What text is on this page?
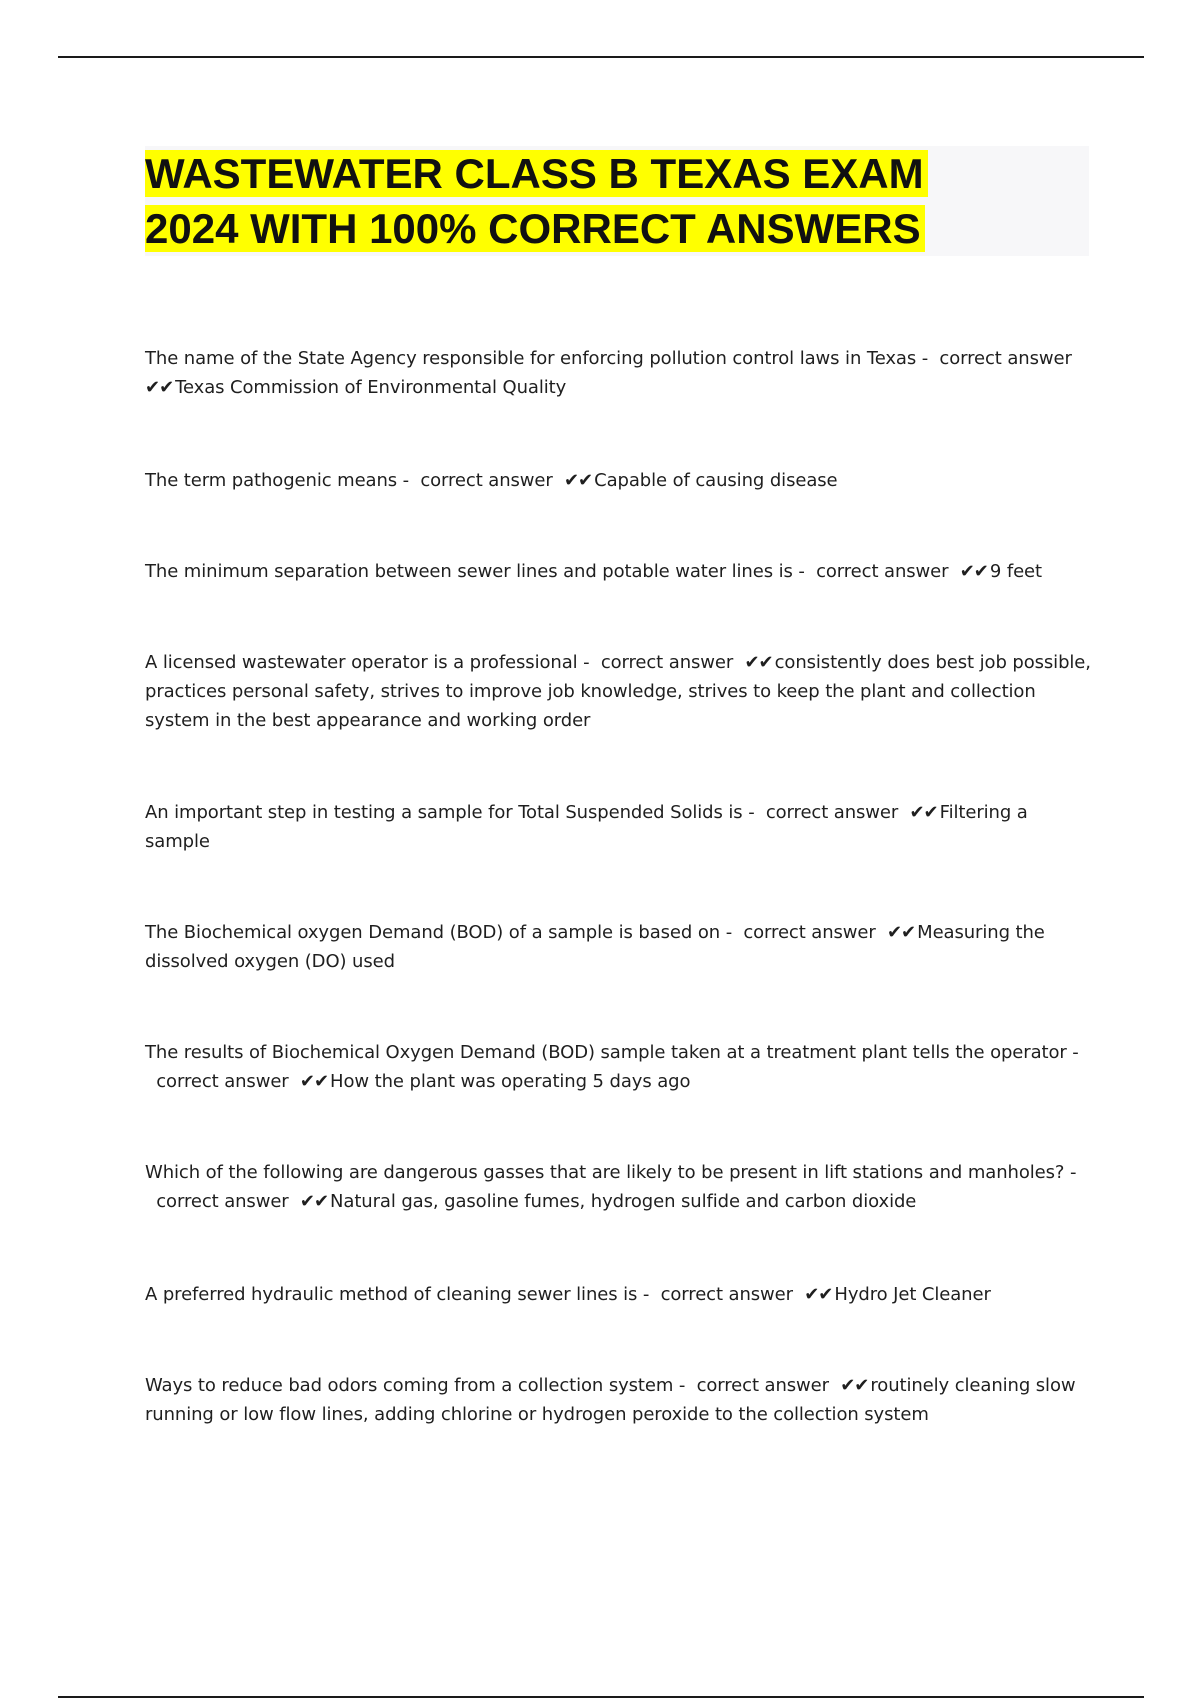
WASTEWATER CLASS B TEXAS EXAM
2024 WITH 100% CORRECT ANSWERS

The name of the State Agency responsible for enforcing pollution control laws in Texas - correct answer  ✔✔ Texas Commission of Environmental Quality

The term pathogenic means - correct answer ✔✔ Capable of causing disease

The minimum separation between sewer lines and potable water lines is - correct answer ✔✔ 9 feet

A licensed wastewater operator is a professional - correct answer ✔✔ consistently does best job possible, practices personal safety, strives to improve job knowledge, strives to keep the plant and collection system in the best appearance and working order

An important step in testing a sample for Total Suspended Solids is - correct answer ✔✔ Filtering a sample

The Biochemical oxygen Demand (BOD) of a sample is based on - correct answer ✔✔ Measuring the dissolved oxygen (DO) used

The results of Biochemical Oxygen Demand (BOD) sample taken at a treatment plant tells the operator -  correct answer ✔✔ How the plant was operating 5 days ago

Which of the following are dangerous gasses that are likely to be present in lift stations and manholes? -  correct answer ✔✔ Natural gas, gasoline fumes, hydrogen sulfide and carbon dioxide

A preferred hydraulic method of cleaning sewer lines is - correct answer ✔✔ Hydro Jet Cleaner

Ways to reduce bad odors coming from a collection system - correct answer ✔✔ routinely cleaning slow running or low flow lines, adding chlorine or hydrogen peroxide to the collection system
